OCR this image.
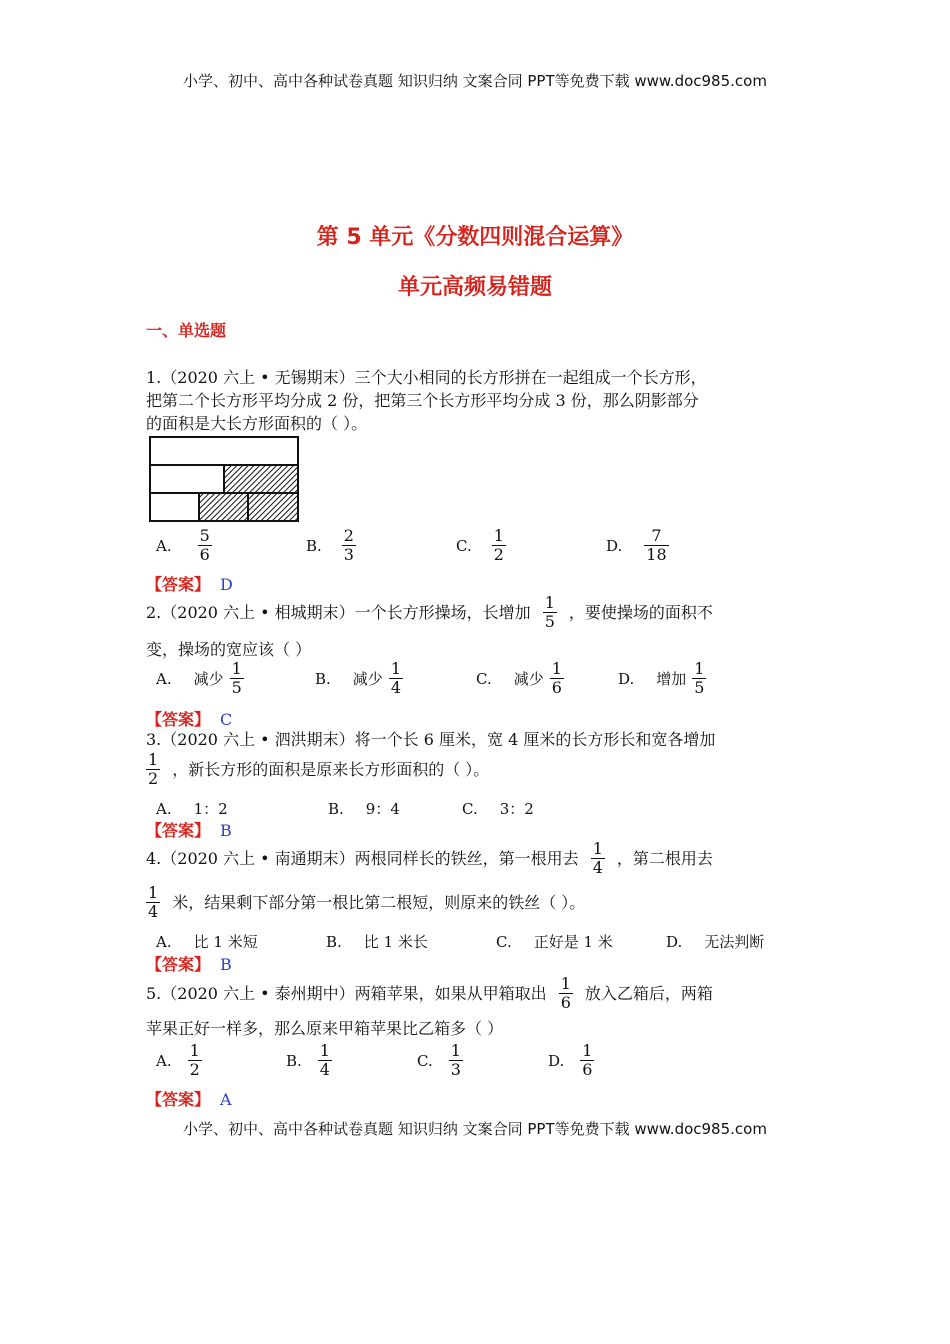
小学、初中、高中各种试卷真题 知识归纳 文案合同 PPT等免费下载 www.doc985.com
第 5 单元《分数四则混合运算》
单元高频易错题
一、单选题
1.（2020 六上 • 无锡期末）三个大小相同的长方形拼在一起组成一个长方形，
把第二个长方形平均分成 2 份，把第三个长方形平均分成 3 份，那么阴影部分
的面积是大长方形面积的（ ）。
A. $\frac{5}{6}$	B. $\frac{2}{3}$	C. $\frac{1}{2}$	D. $\frac{7}{18}$
【答案】 D
2.（2020 六上 • 相城期末）一个长方形操场，长增加 $\frac{1}{5}$ ，要使操场的面积不
变，操场的宽应该（ ）
A. 减少 $\frac{1}{5}$	B. 减少 $\frac{1}{4}$	C. 减少 $\frac{1}{6}$	D. 增加 $\frac{1}{5}$
【答案】 C
3.（2020 六上 • 泗洪期末）将一个长 6 厘米，宽 4 厘米的长方形长和宽各增加
$\frac{1}{2}$ ，新长方形的面积是原来长方形面积的（ ）。
A. 1：2	B. 9：4	C. 3：2
【答案】 B
4.（2020 六上 • 南通期末）两根同样长的铁丝，第一根用去 $\frac{1}{4}$ ，第二根用去
$\frac{1}{4}$ 米，结果剩下部分第一根比第二根短，则原来的铁丝（ ）。
A. 比 1 米短	B. 比 1 米长	C. 正好是 1 米	D. 无法判断
【答案】 B
5.（2020 六上 • 泰州期中）两箱苹果，如果从甲箱取出 $\frac{1}{6}$ 放入乙箱后，两箱
苹果正好一样多，那么原来甲箱苹果比乙箱多（ ）
A. $\frac{1}{2}$	B. $\frac{1}{4}$	C. $\frac{1}{3}$	D. $\frac{1}{6}$
【答案】 A
小学、初中、高中各种试卷真题 知识归纳 文案合同 PPT等免费下载 www.doc985.com
